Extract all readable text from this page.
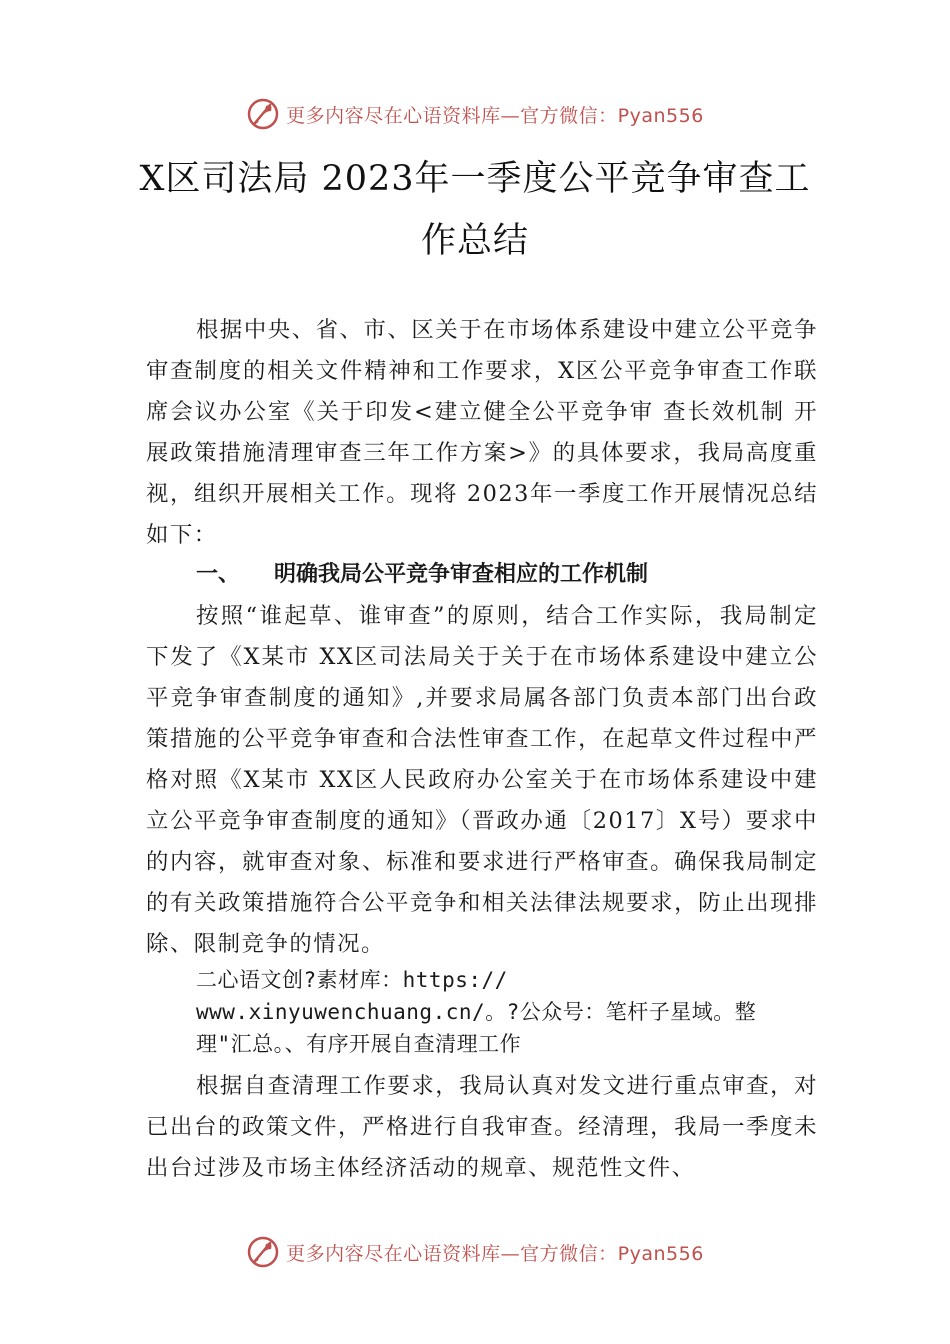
更多内容尽在心语资料库—官方微信：Pyan556
X区司法局 2023年一季度公平竞争审查工
作总结

根据中央、省、市、区关于在市场体系建设中建立公平竞争审查制度的相关文件精神和工作要求，X区公平竞争审查工作联席会议办公室《关于印发<建立健全公平竞争审 查长效机制 开展政策措施清理审查三年工作方案>》的具体要求，我局高度重视，组织开展相关工作。现将 2023年一季度工作开展情况总结如下：

一、 明确我局公平竞争审查相应的工作机制

按照“谁起草、谁审查”的原则，结合工作实际，我局制定下发了《X某市 XX区司法局关于关于在市场体系建设中建立公平竞争审查制度的通知》,并要求局属各部门负责本部门出台政策措施的公平竞争审查和合法性审查工作，在起草文件过程中严格对照《X某市 XX区人民政府办公室关于在市场体系建设中建立公平竞争审查制度的通知》（晋政办通〔2017〕X号）要求中的内容，就审查对象、标准和要求进行严格审查。确保我局制定的有关政策措施符合公平竞争和相关法律法规要求，防止出现排除、限制竞争的情况。

二心语文创?素材库：https://
www.xinyuwenchuang.cn/。?公众号：笔杆子星域。整
理"汇总。、有序开展自查清理工作

根据自查清理工作要求，我局认真对发文进行重点审查，对已出台的政策文件，严格进行自我审查。经清理，我局一季度未出台过涉及市场主体经济活动的规章、规范性文件、

更多内容尽在心语资料库—官方微信：Pyan556
